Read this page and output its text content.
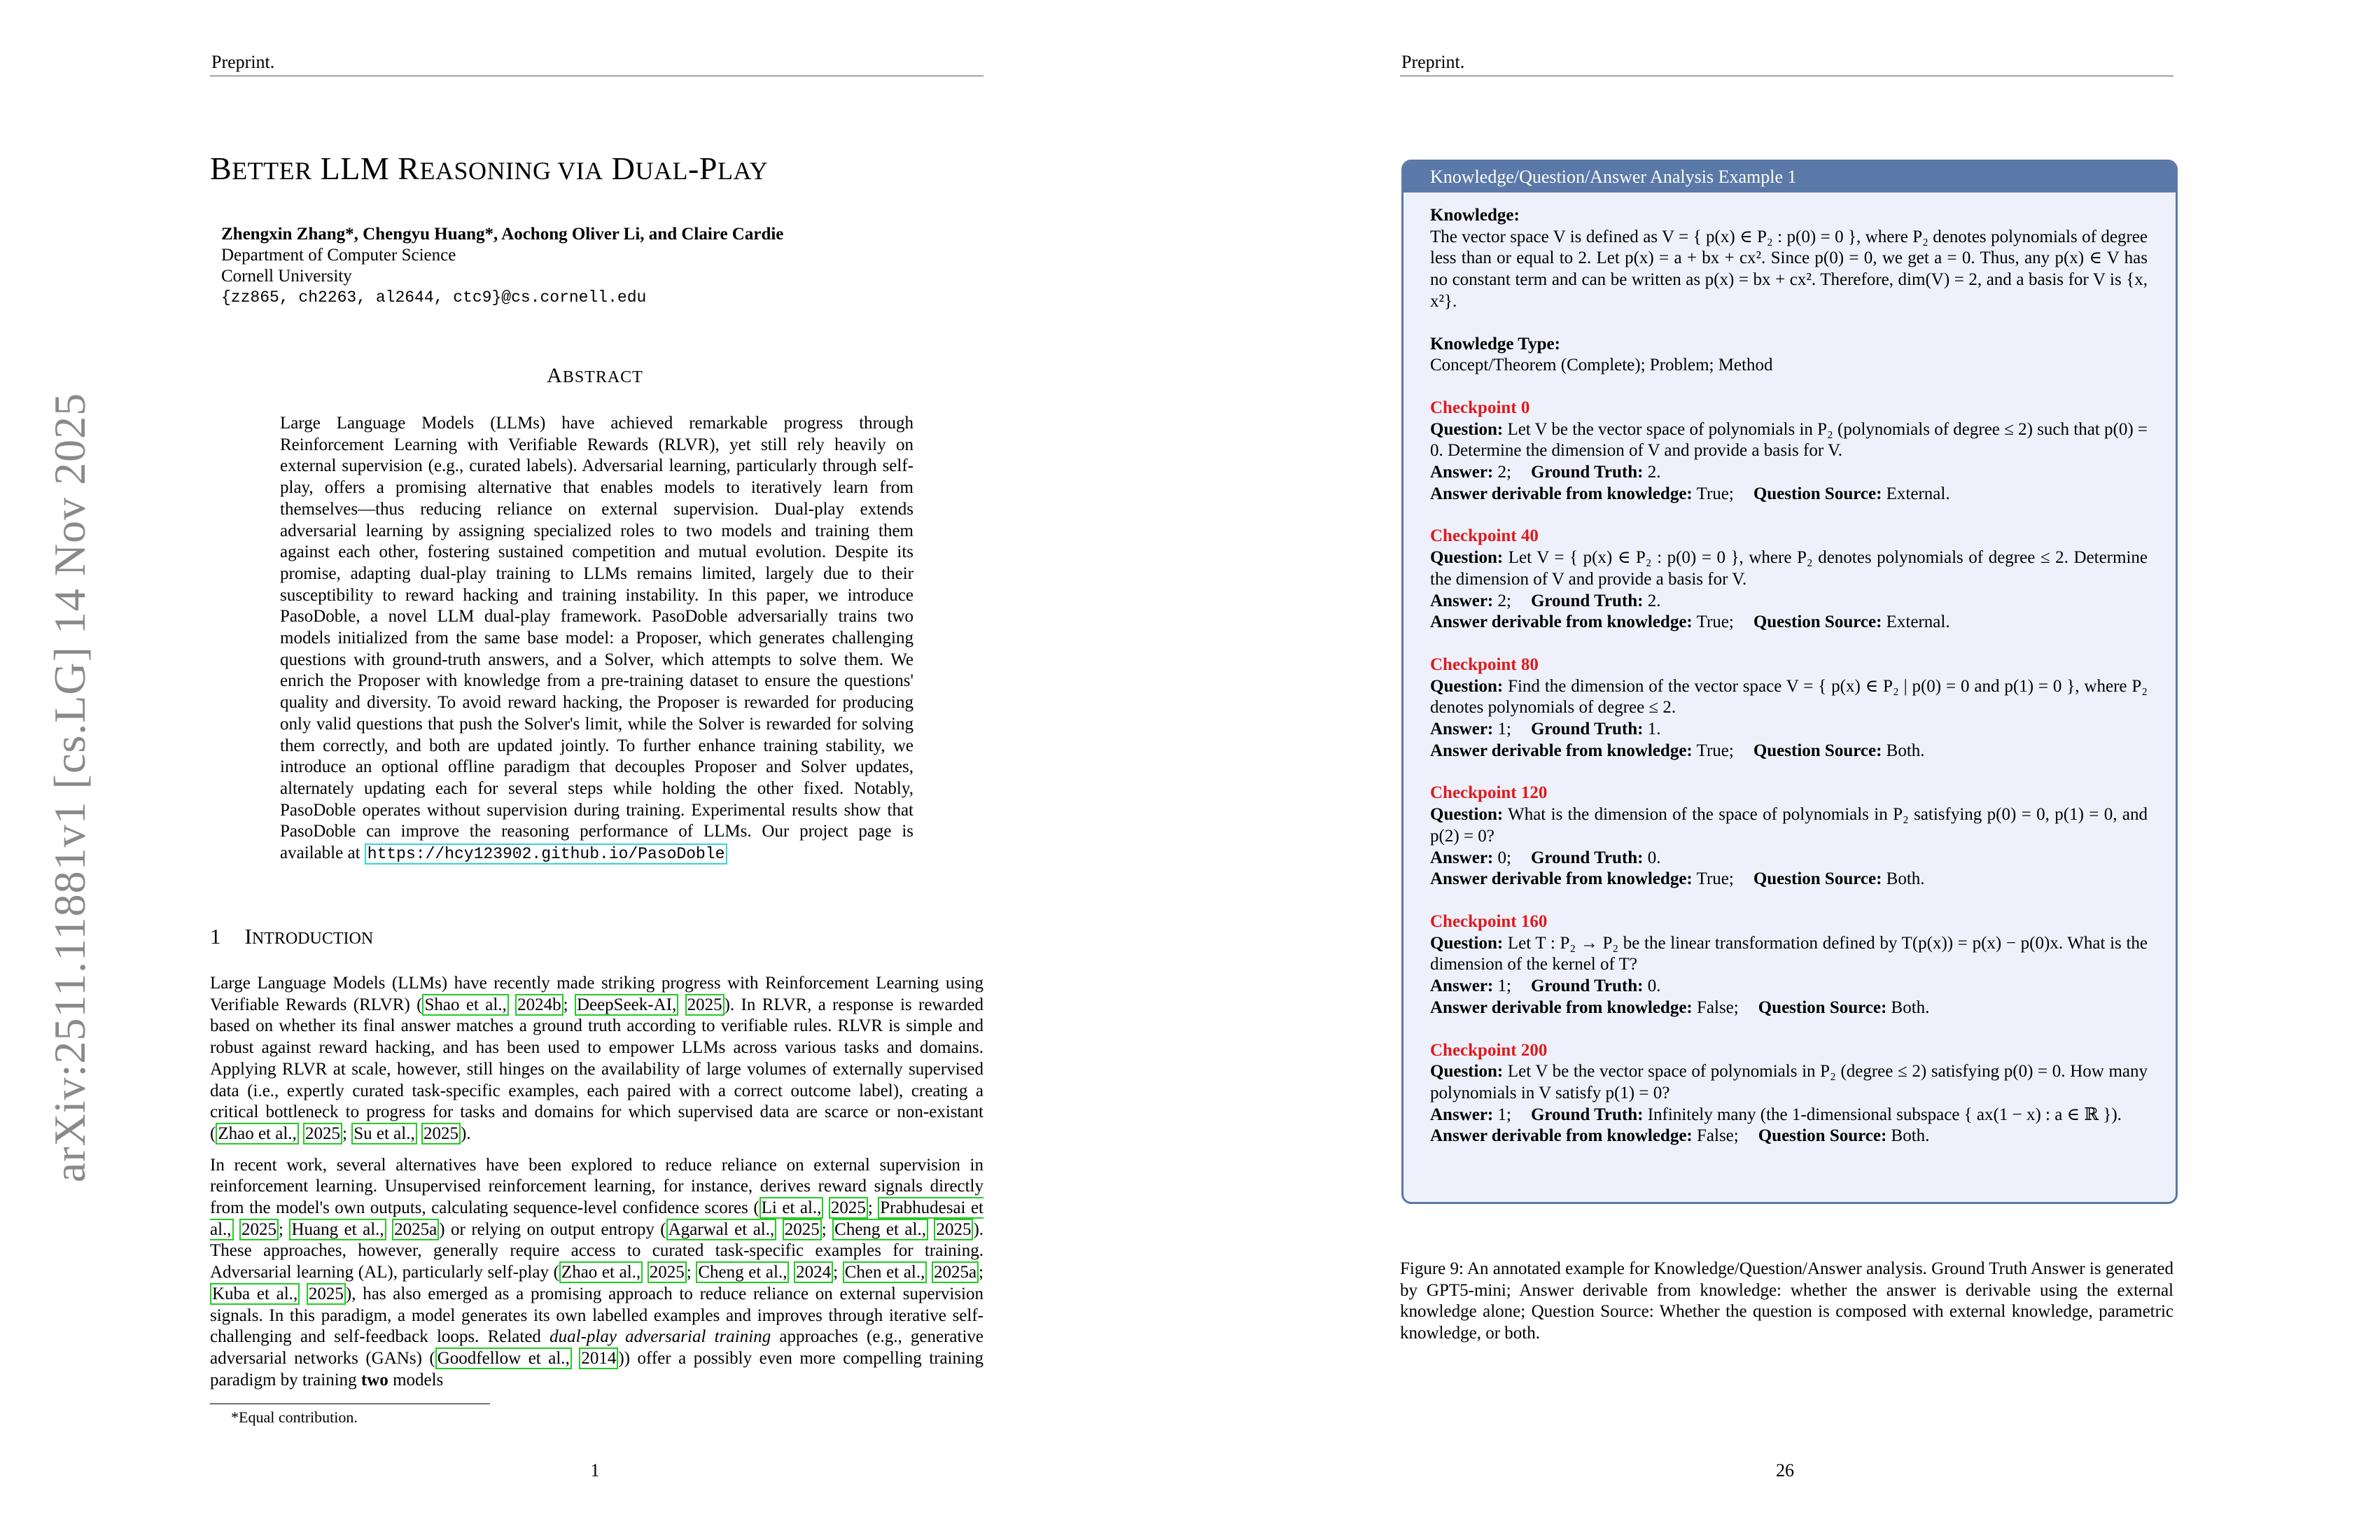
Preprint.
arXiv:2511.11881v1 [cs.LG] 14 Nov 2025
BETTER LLM REASONING VIA DUAL-PLAY
Zhengxin Zhang*, Chengyu Huang*, Aochong Oliver Li, and Claire Cardie
Department of Computer Science
Cornell University
{zz865, ch2263, al2644, ctc9}@cs.cornell.edu
ABSTRACT
Large Language Models (LLMs) have achieved remarkable progress through Reinforcement Learning with Verifiable Rewards (RLVR), yet still rely heavily on external supervision (e.g., curated labels). Adversarial learning, particularly through self-play, offers a promising alternative that enables models to iteratively learn from themselves—thus reducing reliance on external supervision. Dual-play extends adversarial learning by assigning specialized roles to two models and training them against each other, fostering sustained competition and mutual evolution. Despite its promise, adapting dual-play training to LLMs remains limited, largely due to their susceptibility to reward hacking and training instability. In this paper, we introduce PasoDoble, a novel LLM dual-play framework. PasoDoble adversarially trains two models initialized from the same base model: a Proposer, which generates challenging questions with ground-truth answers, and a Solver, which attempts to solve them. We enrich the Proposer with knowledge from a pre-training dataset to ensure the questions' quality and diversity. To avoid reward hacking, the Proposer is rewarded for producing only valid questions that push the Solver's limit, while the Solver is rewarded for solving them correctly, and both are updated jointly. To further enhance training stability, we introduce an optional offline paradigm that decouples Proposer and Solver updates, alternately updating each for several steps while holding the other fixed. Notably, PasoDoble operates without supervision during training. Experimental results show that PasoDoble can improve the reasoning performance of LLMs. Our project page is available at https://hcy123902.github.io/PasoDoble
1 INTRODUCTION

Large Language Models (LLMs) have recently made striking progress with Reinforcement Learning using Verifiable Rewards (RLVR) ( Shao et al., 2024b ; DeepSeek-AI, 2025 ). In RLVR, a response is rewarded based on whether its final answer matches a ground truth according to verifiable rules. RLVR is simple and robust against reward hacking, and has been used to empower LLMs across various tasks and domains. Applying RLVR at scale, however, still hinges on the availability of large volumes of externally supervised data (i.e., expertly curated task-specific examples, each paired with a correct outcome label), creating a critical bottleneck to progress for tasks and domains for which supervised data are scarce or non-existant ( Zhao et al., 2025 ; Su et al., 2025 ).

In recent work, several alternatives have been explored to reduce reliance on external supervision in reinforcement learning. Unsupervised reinforcement learning, for instance, derives reward signals directly from the model's own outputs, calculating sequence-level confidence scores ( Li et al., 2025 ; Prabhudesai et al., 2025 ; Huang et al., 2025a ) or relying on output entropy ( Agarwal et al., 2025 ; Cheng et al., 2025 ). These approaches, however, generally require access to curated task-specific examples for training. Adversarial learning (AL), particularly self-play ( Zhao et al., 2025 ; Cheng et al., 2024 ; Chen et al., 2025a ; Kuba et al., 2025 ), has also emerged as a promising approach to reduce reliance on external supervision signals. In this paradigm, a model generates its own labelled examples and improves through iterative self-challenging and self-feedback loops. Related dual-play adversarial training approaches (e.g., generative adversarial networks (GANs) ( Goodfellow et al., 2014 )) offer a possibly even more compelling training paradigm by training two models

*Equal contribution.
1
Preprint.
Knowledge/Question/Answer Analysis Example 1
Knowledge:
The vector space V is defined as V = { p(x) ∈ P₂ : p(0) = 0 }, where P₂ denotes polynomials of degree less than or equal to 2. Let p(x) = a + bx + cx². Since p(0) = 0, we get a = 0. Thus, any p(x) ∈ V has no constant term and can be written as p(x) = bx + cx². Therefore, dim(V) = 2, and a basis for V is {x, x²}.
Knowledge Type:
Concept/Theorem (Complete); Problem; Method
Checkpoint 0
Question: Let V be the vector space of polynomials in P₂ (polynomials of degree ≤ 2) such that p(0) = 0. Determine the dimension of V and provide a basis for V.
Answer: 2; Ground Truth: 2.
Answer derivable from knowledge: True; Question Source: External.
Checkpoint 40
Question: Let V = { p(x) ∈ P₂ : p(0) = 0 }, where P₂ denotes polynomials of degree ≤ 2. Determine the dimension of V and provide a basis for V.
Answer: 2; Ground Truth: 2.
Answer derivable from knowledge: True; Question Source: External.
Checkpoint 80
Question: Find the dimension of the vector space V = { p(x) ∈ P₂ | p(0) = 0 and p(1) = 0 }, where P₂ denotes polynomials of degree ≤ 2.
Answer: 1; Ground Truth: 1.
Answer derivable from knowledge: True; Question Source: Both.
Checkpoint 120
Question: What is the dimension of the space of polynomials in P₂ satisfying p(0) = 0, p(1) = 0, and p(2) = 0?
Answer: 0; Ground Truth: 0.
Answer derivable from knowledge: True; Question Source: Both.
Checkpoint 160
Question: Let T : P₂ → P₂ be the linear transformation defined by T(p(x)) = p(x) − p(0)x. What is the dimension of the kernel of T?
Answer: 1; Ground Truth: 0.
Answer derivable from knowledge: False; Question Source: Both.
Checkpoint 200
Question: Let V be the vector space of polynomials in P₂ (degree ≤ 2) satisfying p(0) = 0. How many polynomials in V satisfy p(1) = 0?
Answer: 1; Ground Truth: Infinitely many (the 1-dimensional subspace { ax(1 − x) : a ∈ ℝ }).
Answer derivable from knowledge: False; Question Source: Both.
Figure 9: An annotated example for Knowledge/Question/Answer analysis. Ground Truth Answer is generated by GPT5-mini; Answer derivable from knowledge: whether the answer is derivable using the external knowledge alone; Question Source: Whether the question is composed with external knowledge, parametric knowledge, or both.
26
